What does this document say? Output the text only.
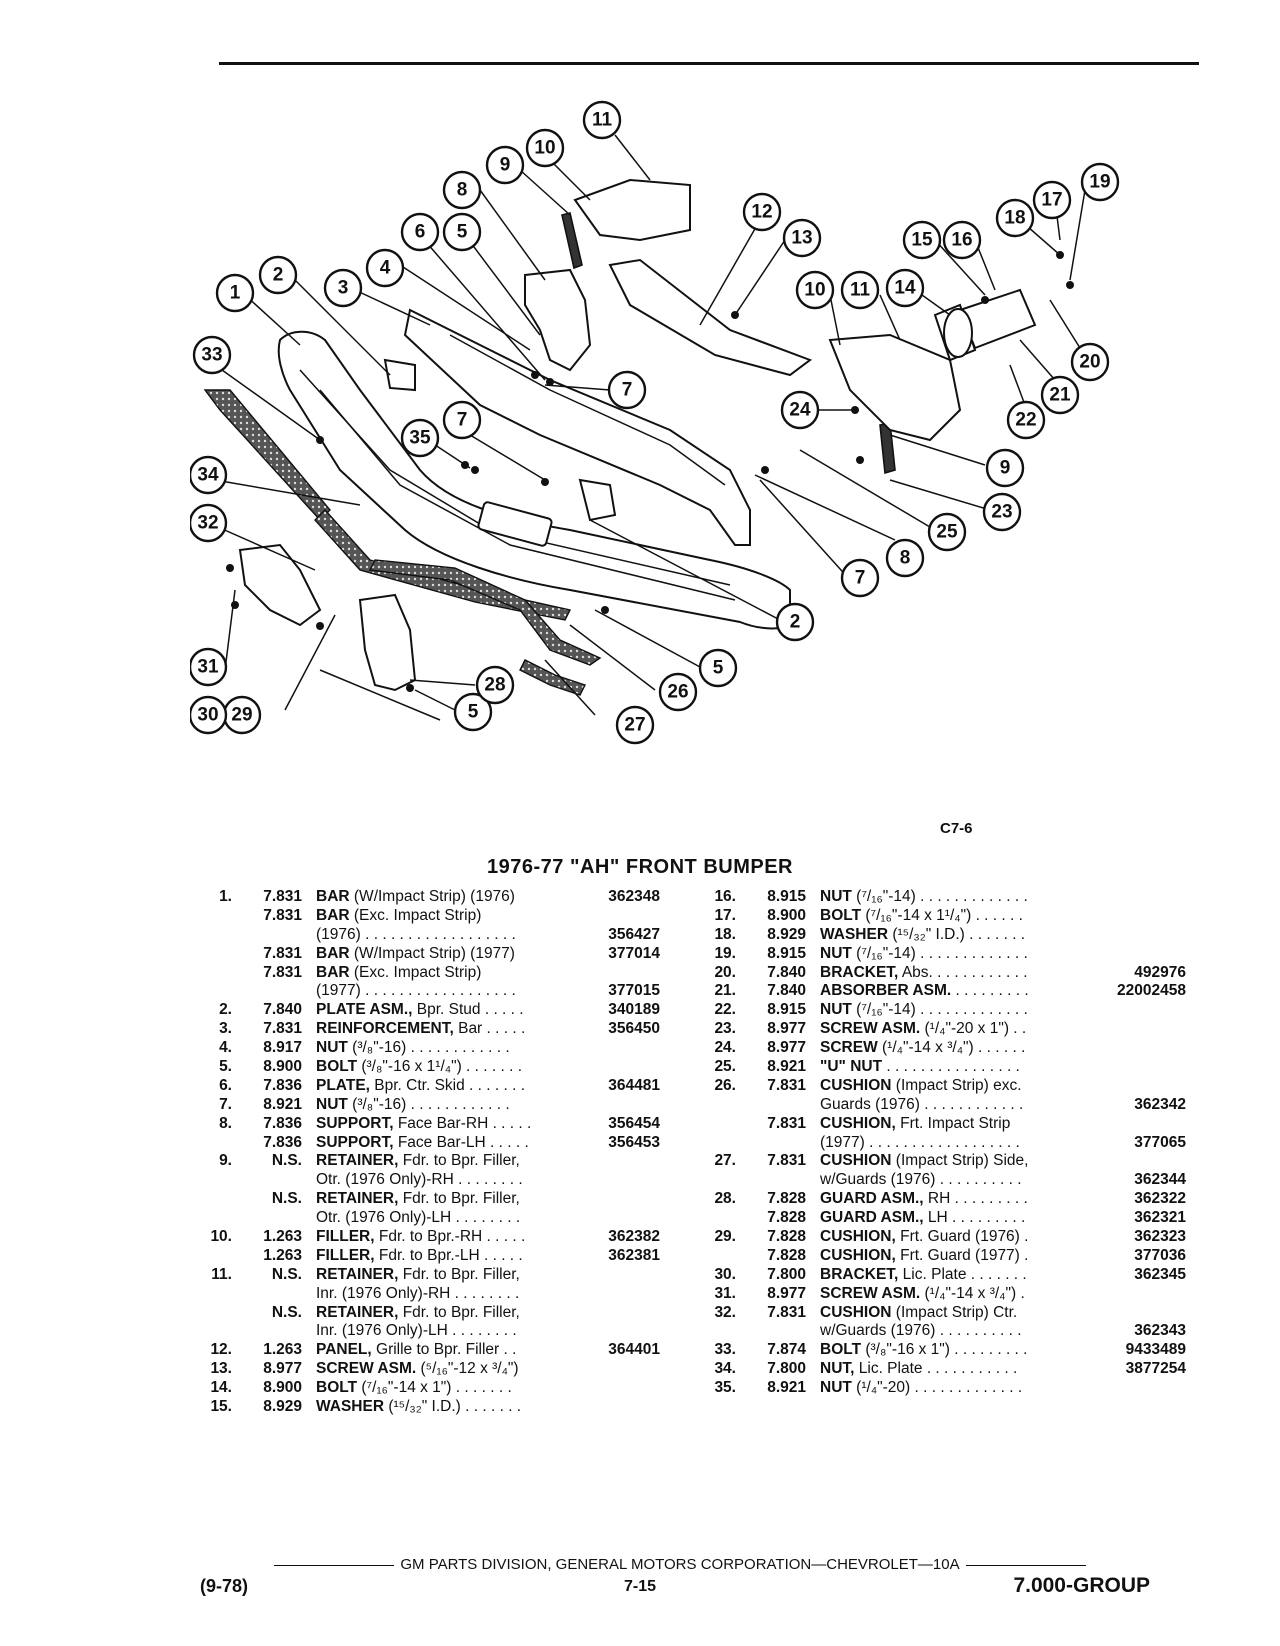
1
2
2
3
4
5
5
5
6
7
7
7
8
8
9
9
10
10
11
11
12
13
14
15 16
17
18
19
20
21
22
23
24
25
26
27
28
29
30
31
32
33
34
35
C7-6
1976-77 "AH" FRONT BUMPER
1.	7.831 BAR (W/Impact Strip) (1976)	362348
7.831 BAR (Exc. Impact Strip)
(1976) . . . . . . . . . . . . . . . . . .	356427
7.831 BAR (W/Impact Strip) (1977)	377014
7.831 BAR (Exc. Impact Strip)
(1977) . . . . . . . . . . . . . . . . . .	377015
2.	7.840 PLATE ASM., Bpr. Stud . . . . .	340189
3.	7.831 REINFORCEMENT, Bar . . . . .	356450
4.	8.917 NUT (³/₈"-16) . . . . . . . . . . . .
5.	8.900 BOLT (³/₈"-16 x 1¹/₄") . . . . . . .
6.	7.836 PLATE, Bpr. Ctr. Skid . . . . . . .	364481
7.	8.921 NUT (³/₈"-16) . . . . . . . . . . . .
8.	7.836 SUPPORT, Face Bar-RH . . . . .	356454
7.836 SUPPORT, Face Bar-LH . . . . .	356453
9.	N.S. RETAINER, Fdr. to Bpr. Filler,
Otr. (1976 Only)-RH . . . . . . . .
N.S. RETAINER, Fdr. to Bpr. Filler,
Otr. (1976 Only)-LH . . . . . . . .
10.	1.263 FILLER, Fdr. to Bpr.-RH . . . . .	362382
1.263 FILLER, Fdr. to Bpr.-LH . . . . .	362381
11.	N.S. RETAINER, Fdr. to Bpr. Filler,
Inr. (1976 Only)-RH . . . . . . . .
N.S. RETAINER, Fdr. to Bpr. Filler,
Inr. (1976 Only)-LH . . . . . . . .
12.	1.263 PANEL, Grille to Bpr. Filler . .	364401
13.	8.977 SCREW ASM. (⁵/₁₆"-12 x ³/₄")
14.	8.900 BOLT (⁷/₁₆"-14 x 1") . . . . . . .
15.	8.929 WASHER (¹⁵/₃₂" I.D.) . . . . . . .
16.	8.915 NUT (⁷/₁₆"-14) . . . . . . . . . . . . .
17.	8.900 BOLT (⁷/₁₆"-14 x 1¹/₄") . . . . . .
18.	8.929 WASHER (¹⁵/₃₂" I.D.) . . . . . . .
19.	8.915 NUT (⁷/₁₆"-14) . . . . . . . . . . . . .
20.	7.840 BRACKET, Abs. . . . . . . . . . . .	492976
21.	7.840 ABSORBER ASM. . . . . . . . . .	22002458
22.	8.915 NUT (⁷/₁₆"-14) . . . . . . . . . . . . .
23.	8.977 SCREW ASM. (¹/₄"-20 x 1") . .
24.	8.977 SCREW (¹/₄"-14 x ³/₄") . . . . . .
25.	8.921 "U" NUT . . . . . . . . . . . . . . . .
26.	7.831 CUSHION (Impact Strip) exc.
Guards (1976) . . . . . . . . . . . .	362342
7.831 CUSHION, Frt. Impact Strip
(1977) . . . . . . . . . . . . . . . . . .	377065
27.	7.831 CUSHION (Impact Strip) Side,
w/Guards (1976) . . . . . . . . . .	362344
28.	7.828 GUARD ASM., RH . . . . . . . . .	362322
7.828 GUARD ASM., LH . . . . . . . . .	362321
29.	7.828 CUSHION, Frt. Guard (1976) .	362323
7.828 CUSHION, Frt. Guard (1977) .	377036
30.	7.800 BRACKET, Lic. Plate . . . . . . .	362345
31.	8.977 SCREW ASM. (¹/₄"-14 x ³/₄") .
32.	7.831 CUSHION (Impact Strip) Ctr.
w/Guards (1976) . . . . . . . . . .	362343
33.	7.874 BOLT (³/₈"-16 x 1") . . . . . . . . .	9433489
34.	7.800 NUT, Lic. Plate . . . . . . . . . . .	3877254
35.	8.921 NUT (¹/₄"-20) . . . . . . . . . . . . .
GM PARTS DIVISION, GENERAL MOTORS CORPORATION—CHEVROLET—10A
(9-78)	7-15	7.000-GROUP
